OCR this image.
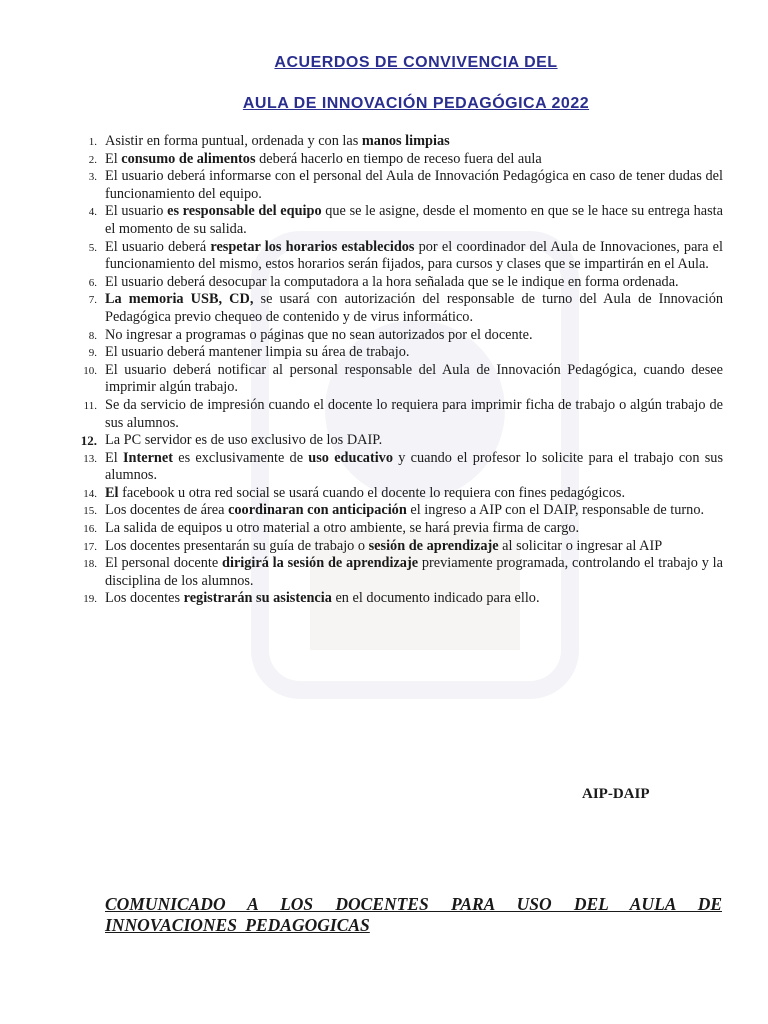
ACUERDOS DE CONVIVENCIA DEL
AULA DE INNOVACIÓN PEDAGÓGICA 2022
1. Asistir en forma puntual, ordenada y con las manos limpias
2. El consumo de alimentos deberá hacerlo en tiempo de receso fuera del aula
3. El usuario deberá informarse con el personal del Aula de Innovación Pedagógica en caso de tener dudas del funcionamiento del equipo.
4. El usuario es responsable del equipo que se le asigne, desde el momento en que se le hace su entrega hasta el momento de su salida.
5. El usuario deberá respetar los horarios establecidos por el coordinador del Aula de Innovaciones, para el funcionamiento del mismo, estos horarios serán fijados, para cursos y clases que se impartirán en el Aula.
6. El usuario deberá desocupar la computadora a la hora señalada que se le indique en forma ordenada.
7. La memoria USB, CD, se usará con autorización del responsable de turno del Aula de Innovación Pedagógica previo chequeo de contenido y de virus informático.
8. No ingresar a programas o páginas que no sean autorizados por el docente.
9. El usuario deberá mantener limpia su área de trabajo.
10. El usuario deberá notificar al personal responsable del Aula de Innovación Pedagógica, cuando desee imprimir algún trabajo.
11. Se da servicio de impresión cuando el docente lo requiera para imprimir ficha de trabajo o algún trabajo de sus alumnos.
12. La PC servidor es de uso exclusivo de los DAIP.
13. El Internet es exclusivamente de uso educativo y cuando el profesor lo solicite para el trabajo con sus alumnos.
14. El facebook u otra red social se usará cuando el docente lo requiera con fines pedagógicos.
15. Los docentes de área coordinaran con anticipación el ingreso a AIP con el DAIP, responsable de turno.
16. La salida de equipos u otro material a otro ambiente, se hará previa firma de cargo.
17. Los docentes presentarán su guía de trabajo o sesión de aprendizaje al solicitar o ingresar al AIP
18. El personal docente dirigirá la sesión de aprendizaje previamente programada, controlando el trabajo y la disciplina de los alumnos.
19. Los docentes registrarán su asistencia en el documento indicado para ello.

AIP-DAIP

COMUNICADO A LOS DOCENTES PARA USO DEL AULA DE INNOVACIONES PEDAGOGICAS
